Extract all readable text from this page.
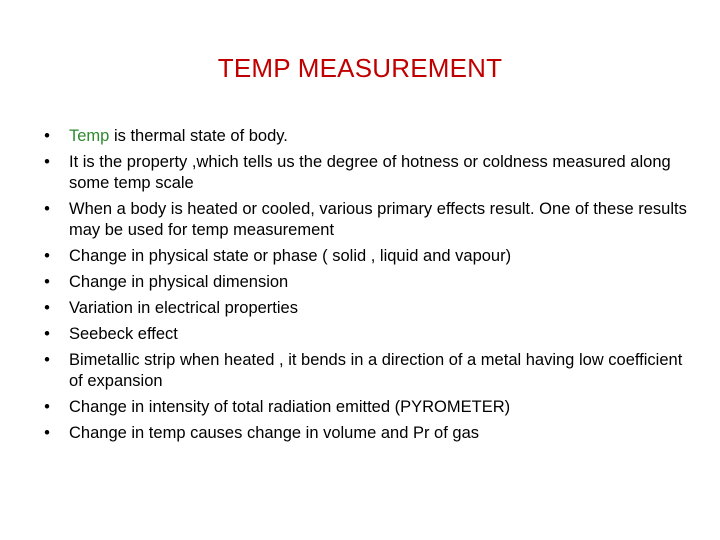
TEMP MEASUREMENT
• Temp is thermal state of body.
• It is the property ,which tells us the degree of hotness or coldness measured along some temp scale
• When a body is heated or cooled, various primary effects result. One of these results may be used for temp measurement
• Change in physical state or phase ( solid , liquid and vapour)
• Change in physical dimension
• Variation in electrical properties
• Seebeck effect
• Bimetallic strip when heated , it bends in a direction of a metal having low coefficient of expansion
• Change in intensity of total radiation emitted (PYROMETER)
• Change in temp causes change in volume and Pr of gas
